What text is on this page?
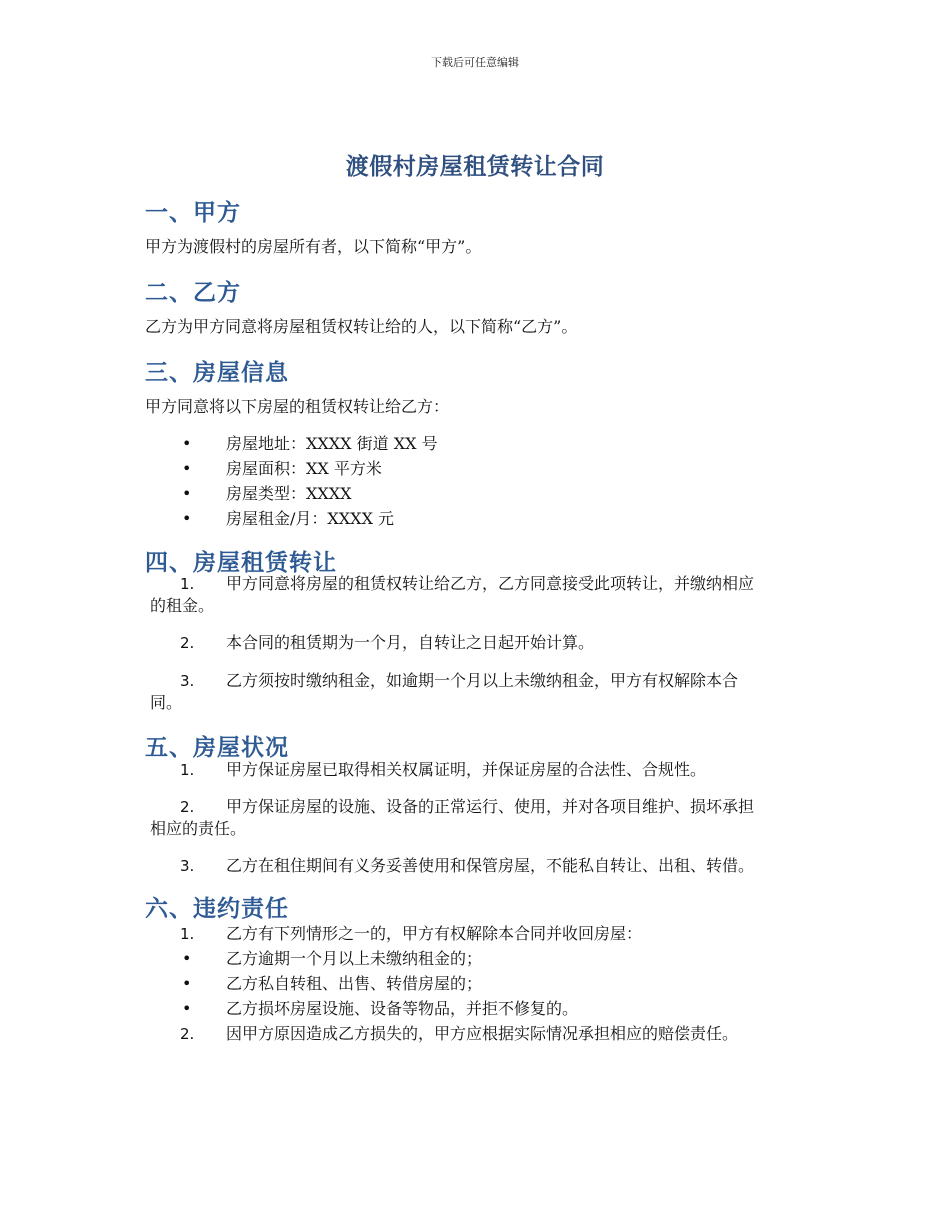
下载后可任意编辑
渡假村房屋租赁转让合同
一、甲方
甲方为渡假村的房屋所有者，以下简称“甲方”。
二、乙方
乙方为甲方同意将房屋租赁权转让给的人，以下简称“乙方”。
三、房屋信息
甲方同意将以下房屋的租赁权转让给乙方：
• 房屋地址：XXXX 街道 XX 号
• 房屋面积：XX 平方米
• 房屋类型：XXXX
• 房屋租金/月：XXXX 元
四、房屋租赁转让
1. 甲方同意将房屋的租赁权转让给乙方，乙方同意接受此项转让，并缴纳相应
的租金。
2. 本合同的租赁期为一个月，自转让之日起开始计算。
3. 乙方须按时缴纳租金，如逾期一个月以上未缴纳租金，甲方有权解除本合
同。
五、房屋状况
1. 甲方保证房屋已取得相关权属证明，并保证房屋的合法性、合规性。
2. 甲方保证房屋的设施、设备的正常运行、使用，并对各项目维护、损坏承担
相应的责任。
3. 乙方在租住期间有义务妥善使用和保管房屋，不能私自转让、出租、转借。
六、违约责任
1. 乙方有下列情形之一的，甲方有权解除本合同并收回房屋：
• 乙方逾期一个月以上未缴纳租金的；
• 乙方私自转租、出售、转借房屋的；
• 乙方损坏房屋设施、设备等物品，并拒不修复的。
2. 因甲方原因造成乙方损失的，甲方应根据实际情况承担相应的赔偿责任。
